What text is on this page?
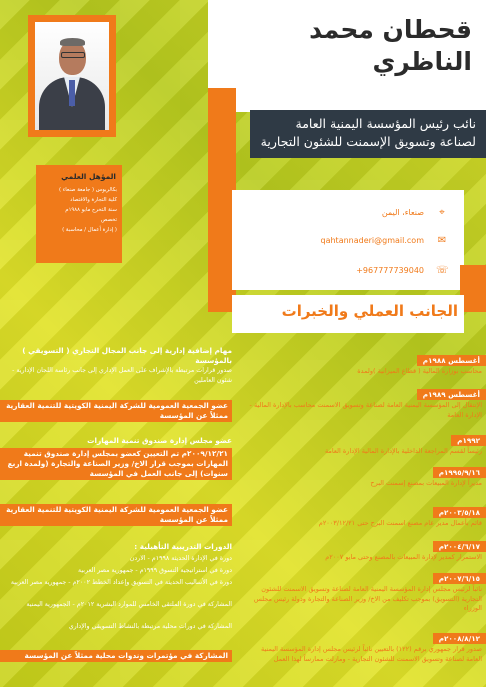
قحطان محمد
الناظري
نائب رئيس المؤسسة اليمنية العامة
لصناعة وتسويق الإسمنت للشئون التجارية
المؤهل العلمي
بكالريوس ( جامعة صنعاء )
كلية التجارة والاقتصاد
سنة التخرج مايو ١٩٨٨م
تخصص
( إدارة أعمال / محاسبة )
صنعاء، اليمن	⌖
qahtannaderi@gmail.com ✉
+967777739040 ☏
الجانب العملي والخبرات
مهام إضافية إدارية إلى جانب المجال التجاري ( التسويقي ) بالمؤسسة
صدور قرارات مرتبطة بالإشراف على العمل الإداري إلى جانب رئاسة اللجان الإدارية - شئون العاملين
عضو الجمعية العمومية للشركة اليمنية الكويتية للتنمية العقارية ممثلاً عن المؤسسة
عضو مجلس إدارة صندوق تنمية المهارات
٢٠٠٩/١٢/٢١م تم التعيين كعضو بمجلس إدارة صندوق تنمية المهارات بموجب قرار الاخ/ وزير الصناعة والتجارة (ولمدة اربع سنوات) إلى جانب العمل في المؤسسة
عضو الجمعية العمومية للشركة اليمنية الكويتية للتنمية العقارية ممثلاً عن المؤسسة
الدورات التدريبية التأهيلية :
دورة في الإدارة الحديثة ١٩٩٨م - الاردن
دورة في استراتيجية التسوق ١٩٩٩م - جمهورية مصر العربية
دورة في الأساليب الحديثة في التسويق وإعداد الخطط ٢٠٠٢م - جمهورية مصر العربية
المشاركة في دورة الملتقى الخامس للموارد البشرية ٢٠١٢م - الجمهورية اليمنية
المشاركة في دورات محلية مرتبطة بالنشاط التسويقي والإداري
المشاركة في مؤتمرات وندوات محلية ممثلاً عن المؤسسة
أغسطس ١٩٨٨م
محاسب بوزارة المالية ( قطاع الميزانية )ولمدة
أغسطس ١٩٨٩م
الإنتقال إلى المؤسسة اليمنية العامة لصناعة وتسويق الاسمنت محاسب بالإدارة المالية - الإدارة العامة
١٩٩٢م
رئيساً لقسم المراجعة الداخلية بالإدارة المالية الإدارة العامة
١٩٩٥/٩/١٦م
مديراً لإدارة المبيعات بمصنع إسمنت البرح
٢٠٠٣/٥/١٨م
قائم بأعمال مدير عام مصنع اسمنت البرح حتى ٢٠٠٣/١٢/٢١م
٢٠٠٤/٦/١٧م
الاستمرار كمدير لإدارة المبيعات بالمصنع وحتى مايو ٢٠٠٧م
٢٠٠٧/٦/١٥م
نائباً لرئيس مجلس إدارة المؤسسة اليمنية العامة لصناعة وتسويق الاسمنت للشئون التجارية (التسويق) بموجب تكليف من الاخ/ وزير الصناعة والتجارة ودولة رئيس مجلس الوزراء
٢٠٠٨/٨/١٢م
صدور قرار جمهوري برقم (١٢٢) بالتعيين نائباً لرئيس مجلس إدارة المؤسسة اليمنية العامة لصناعة وتسويق الاسمنت للشئون التجارية - ومازلت ممارساً لهذا العمل
